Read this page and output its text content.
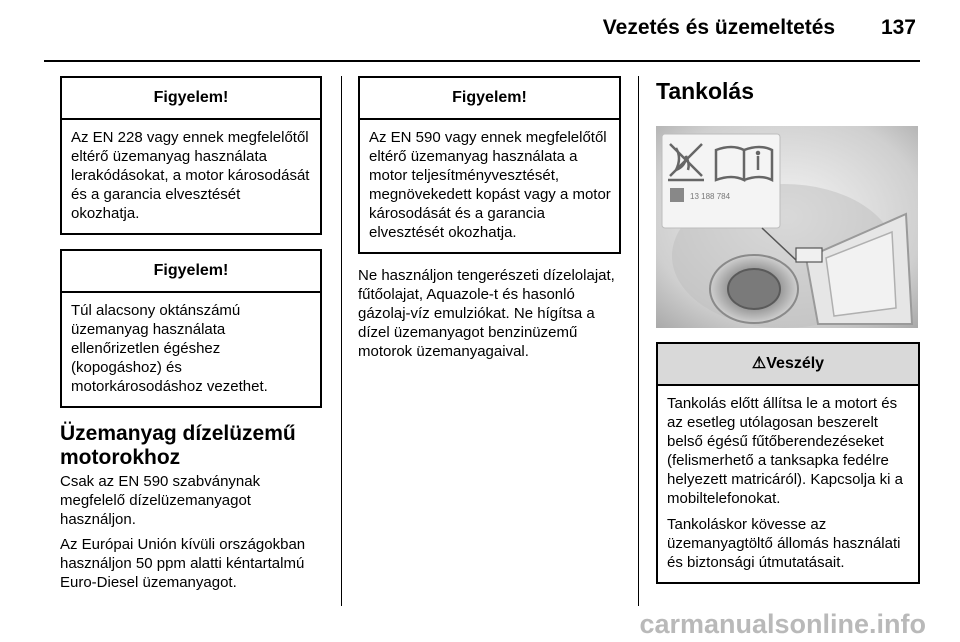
Vezetés és üzemeltetés 137
Figyelem!

Az EN 228 vagy ennek megfelelőtől eltérő üzemanyag használata lerakódásokat, a motor károsodását és a garancia elvesztését okozhatja.

Figyelem!

Túl alacsony oktánszámú üzemanyag használata ellenőrizetlen égéshez (kopogáshoz) és motorkárosodáshoz vezethet.

Üzemanyag dízelüzemű motorokhoz

Csak az EN 590 szabványnak megfelelő dízelüzemanyagot használjon.

Az Európai Unión kívüli országokban használjon 50 ppm alatti kéntartalmú Euro-Diesel üzemanyagot.

Figyelem!

Az EN 590 vagy ennek megfelelőtől eltérő üzemanyag használata a motor teljesítményvesztését, megnövekedett kopást vagy a motor károsodását és a garancia elvesztését okozhatja.

Ne használjon tengerészeti dízelolajat, fűtőolajat, Aquazole-t és hasonló gázolaj-víz emulziókat. Ne hígítsa a dízel üzemanyagot benzinüzemű motorok üzemanyagaival.

Tankolás
13 188 784
⚠Veszély

Tankolás előtt állítsa le a motort és az esetleg utólagosan beszerelt belső égésű fűtőberendezéseket (felismerhető a tanksapka fedélre helyezett matricáról). Kapcsolja ki a mobiltelefonokat.

Tankoláskor kövesse az üzemanyagtöltő állomás használati és biztonsági útmutatásait.

carmanualsonline.info
